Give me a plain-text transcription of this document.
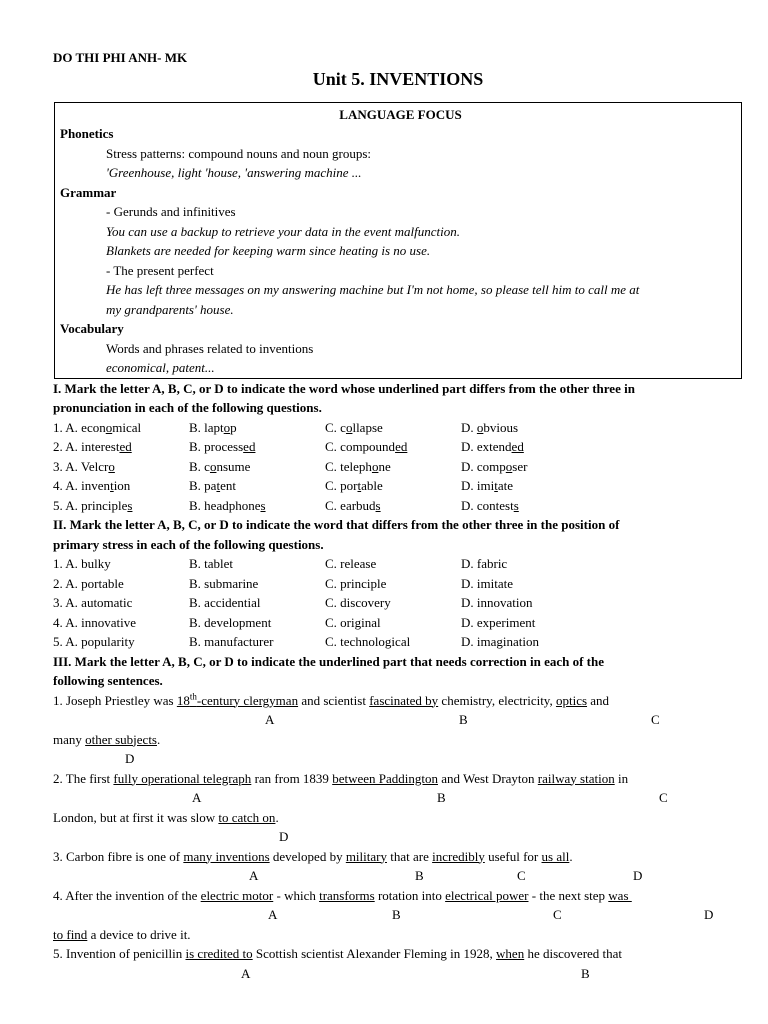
DO THI PHI ANH- MK
Unit 5. INVENTIONS
LANGUAGE FOCUS
Phonetics
Stress patterns: compound nouns and noun groups:
'Greenhouse, light 'house, 'answering machine ...
Grammar
- Gerunds and infinitives
You can use a backup to retrieve your data in the event malfunction.
Blankets are needed for keeping warm since heating is no use.
- The present perfect
He has left three messages on my answering machine but I'm not home, so please tell him to call me at
my grandparents' house.
Vocabulary
Words and phrases related to inventions
economical, patent...
I. Mark the letter A, B, C, or D to indicate the word whose underlined part differs from the other three in
pronunciation in each of the following questions.
1. A. economical	B. laptop	C. collapse	D. obvious
2. A. interested	B. processed	C. compounded	D. extended
3. A. Velcro	B. consume	C. telephone	D. composer
4. A. invention	B. patent	C. portable	D. imitate
5. A. principles	B. headphones	C. earbuds	D. contests
II. Mark the letter A, B, C, or D to indicate the word that differs from the other three in the position of
primary stress in each of the following questions.
1. A. bulky	B. tablet	C. release	D. fabric
2. A. portable	B. submarine	C. principle	D. imitate
3. A. automatic	B. accidential	C. discovery	D. innovation
4. A. innovative	B. development	C. original	D. experiment
5. A. popularity	B. manufacturer	C. technological	D. imagination
III. Mark the letter A, B, C, or D to indicate the underlined part that needs correction in each of the
following sentences.
1. Joseph Priestley was 18th-century clergyman and scientist fascinated by chemistry, electricity, optics and
A	B	C
many other subjects.
D
2. The first fully operational telegraph ran from 1839 between Paddington and West Drayton railway station in
A	B	C
London, but at first it was slow to catch on.
D
3. Carbon fibre is one of many inventions developed by military that are incredibly useful for us all.
A	B	C	D
4. After the invention of the electric motor - which transforms rotation into electrical power - the next step was
A	B	C	D
to find a device to drive it.
5. Invention of penicillin is credited to Scottish scientist Alexander Fleming in 1928, when he discovered that
A	B
